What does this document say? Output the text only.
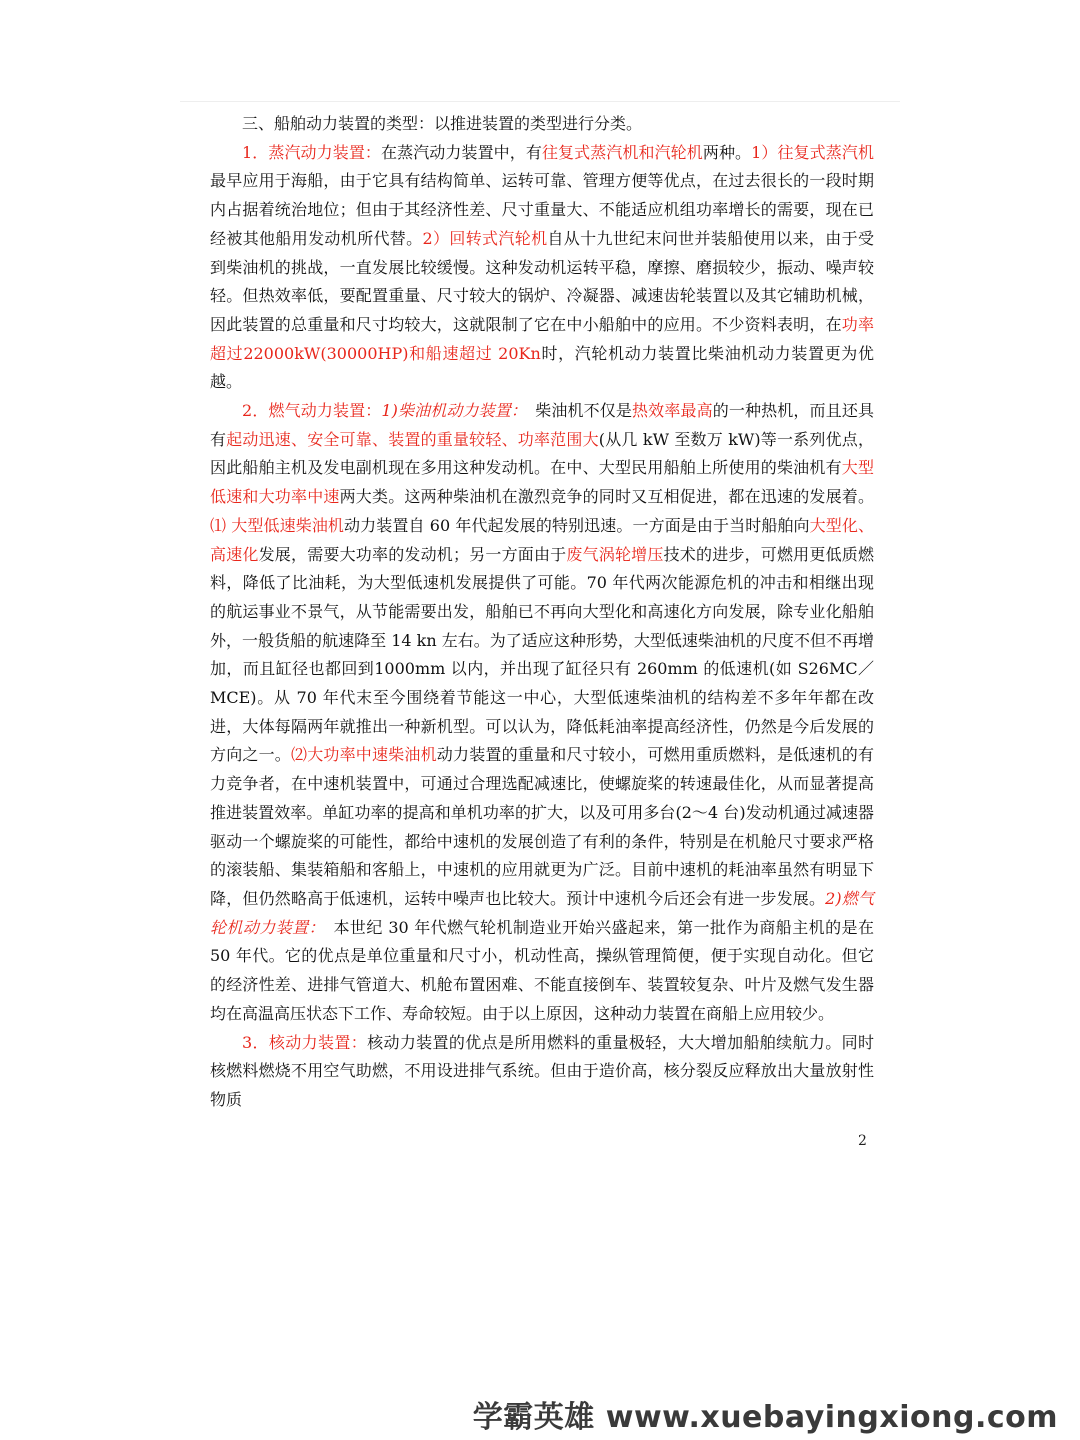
三、船舶动力装置的类型：以推进装置的类型进行分类。

1．蒸汽动力装置：在蒸汽动力装置中，有往复式蒸汽机和汽轮机两种。1）往复式蒸汽机最早应用于海船，由于它具有结构简单、运转可靠、管理方便等优点，在过去很长的一段时期内占据着统治地位；但由于其经济性差、尺寸重量大、不能适应机组功率增长的需要，现在已经被其他船用发动机所代替。2）回转式汽轮机自从十九世纪末问世并装船使用以来，由于受到柴油机的挑战，一直发展比较缓慢。这种发动机运转平稳，摩擦、磨损较少，振动、噪声较轻。但热效率低，要配置重量、尺寸较大的锅炉、冷凝器、减速齿轮装置以及其它辅助机械，因此装置的总重量和尺寸均较大，这就限制了它在中小船舶中的应用。不少资料表明，在功率超过22000kW(30000HP)和船速超过 20Kn时，汽轮机动力装置比柴油机动力装置更为优越。

2．燃气动力装置：1)柴油机动力装置：　柴油机不仅是热效率最高的一种热机，而且还具有起动迅速、安全可靠、装置的重量较轻、功率范围大(从几 kW 至数万 kW)等一系列优点，因此船舶主机及发电副机现在多用这种发动机。在中、大型民用船舶上所使用的柴油机有大型低速和大功率中速两大类。这两种柴油机在激烈竞争的同时又互相促进，都在迅速的发展着。⑴ 大型低速柴油机动力装置自 60 年代起发展的特别迅速。一方面是由于当时船舶向大型化、高速化发展，需要大功率的发动机；另一方面由于废气涡轮增压技术的进步，可燃用更低质燃料，降低了比油耗，为大型低速机发展提供了可能。70 年代两次能源危机的冲击和相继出现的航运事业不景气，从节能需要出发，船舶已不再向大型化和高速化方向发展，除专业化船舶外，一般货船的航速降至 14 kn 左右。为了适应这种形势，大型低速柴油机的尺度不但不再增加，而且缸径也都回到1000mm 以内，并出现了缸径只有 260mm 的低速机(如 S26MC／MCE)。从 70 年代末至今围绕着节能这一中心，大型低速柴油机的结构差不多年年都在改进，大体每隔两年就推出一种新机型。可以认为，降低耗油率提高经济性，仍然是今后发展的方向之一。⑵大功率中速柴油机动力装置的重量和尺寸较小，可燃用重质燃料，是低速机的有力竞争者，在中速机装置中，可通过合理选配减速比，使螺旋桨的转速最佳化，从而显著提高推进装置效率。单缸功率的提高和单机功率的扩大，以及可用多台(2～4 台)发动机通过减速器驱动一个螺旋桨的可能性，都给中速机的发展创造了有利的条件，特别是在机舱尺寸要求严格的滚装船、集装箱船和客船上，中速机的应用就更为广泛。目前中速机的耗油率虽然有明显下降，但仍然略高于低速机，运转中噪声也比较大。预计中速机今后还会有进一步发展。2)燃气轮机动力装置：　本世纪 30 年代燃气轮机制造业开始兴盛起来，第一批作为商船主机的是在 50 年代。它的优点是单位重量和尺寸小，机动性高，操纵管理简便，便于实现自动化。但它的经济性差、进排气管道大、机舱布置困难、不能直接倒车、装置较复杂、叶片及燃气发生器均在高温高压状态下工作、寿命较短。由于以上原因，这种动力装置在商船上应用较少。

3．核动力装置：核动力装置的优点是所用燃料的重量极轻，大大增加船舶续航力。同时核燃料燃烧不用空气助燃，不用设进排气系统。但由于造价高，核分裂反应释放出大量放射性物质

2
学霸英雄 www.xuebayingxiong.com
